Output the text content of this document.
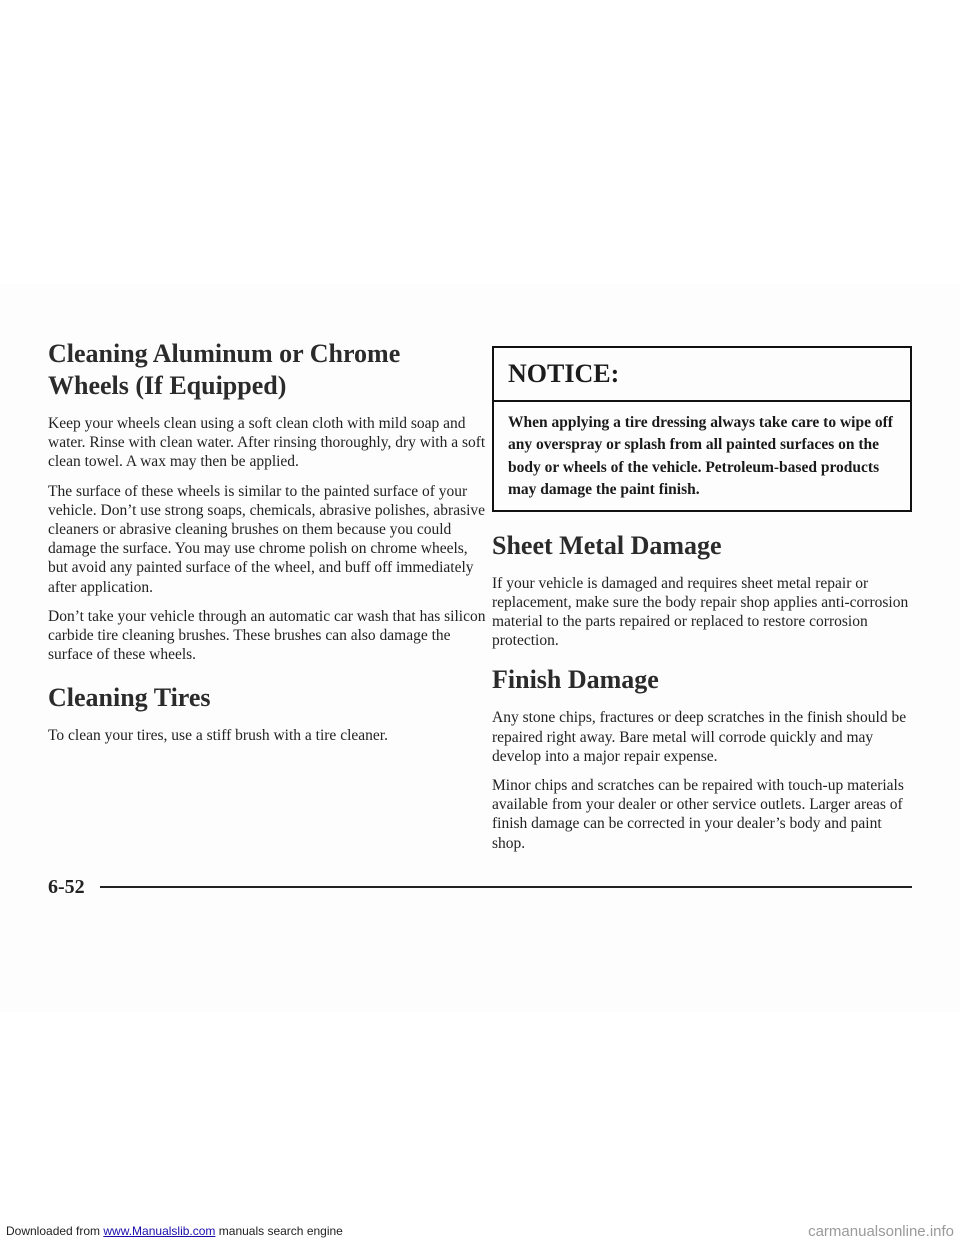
Cleaning Aluminum or Chrome Wheels (If Equipped)

Keep your wheels clean using a soft clean cloth with mild soap and water. Rinse with clean water. After rinsing thoroughly, dry with a soft clean towel. A wax may then be applied.

The surface of these wheels is similar to the painted surface of your vehicle. Don’t use strong soaps, chemicals, abrasive polishes, abrasive cleaners or abrasive cleaning brushes on them because you could damage the surface. You may use chrome polish on chrome wheels, but avoid any painted surface of the wheel, and buff off immediately after application.

Don’t take your vehicle through an automatic car wash that has silicon carbide tire cleaning brushes. These brushes can also damage the surface of these wheels.

Cleaning Tires

To clean your tires, use a stiff brush with a tire cleaner.

NOTICE:
When applying a tire dressing always take care to wipe off any overspray or splash from all painted surfaces on the body or wheels of the vehicle. Petroleum-based products may damage the paint finish.
Sheet Metal Damage

If your vehicle is damaged and requires sheet metal repair or replacement, make sure the body repair shop applies anti-corrosion material to the parts repaired or replaced to restore corrosion protection.

Finish Damage

Any stone chips, fractures or deep scratches in the finish should be repaired right away. Bare metal will corrode quickly and may develop into a major repair expense.

Minor chips and scratches can be repaired with touch-up materials available from your dealer or other service outlets. Larger areas of finish damage can be corrected in your dealer’s body and paint shop.

6-52
Downloaded from www.Manualslib.com manuals search engine	carmanualsonline.info
